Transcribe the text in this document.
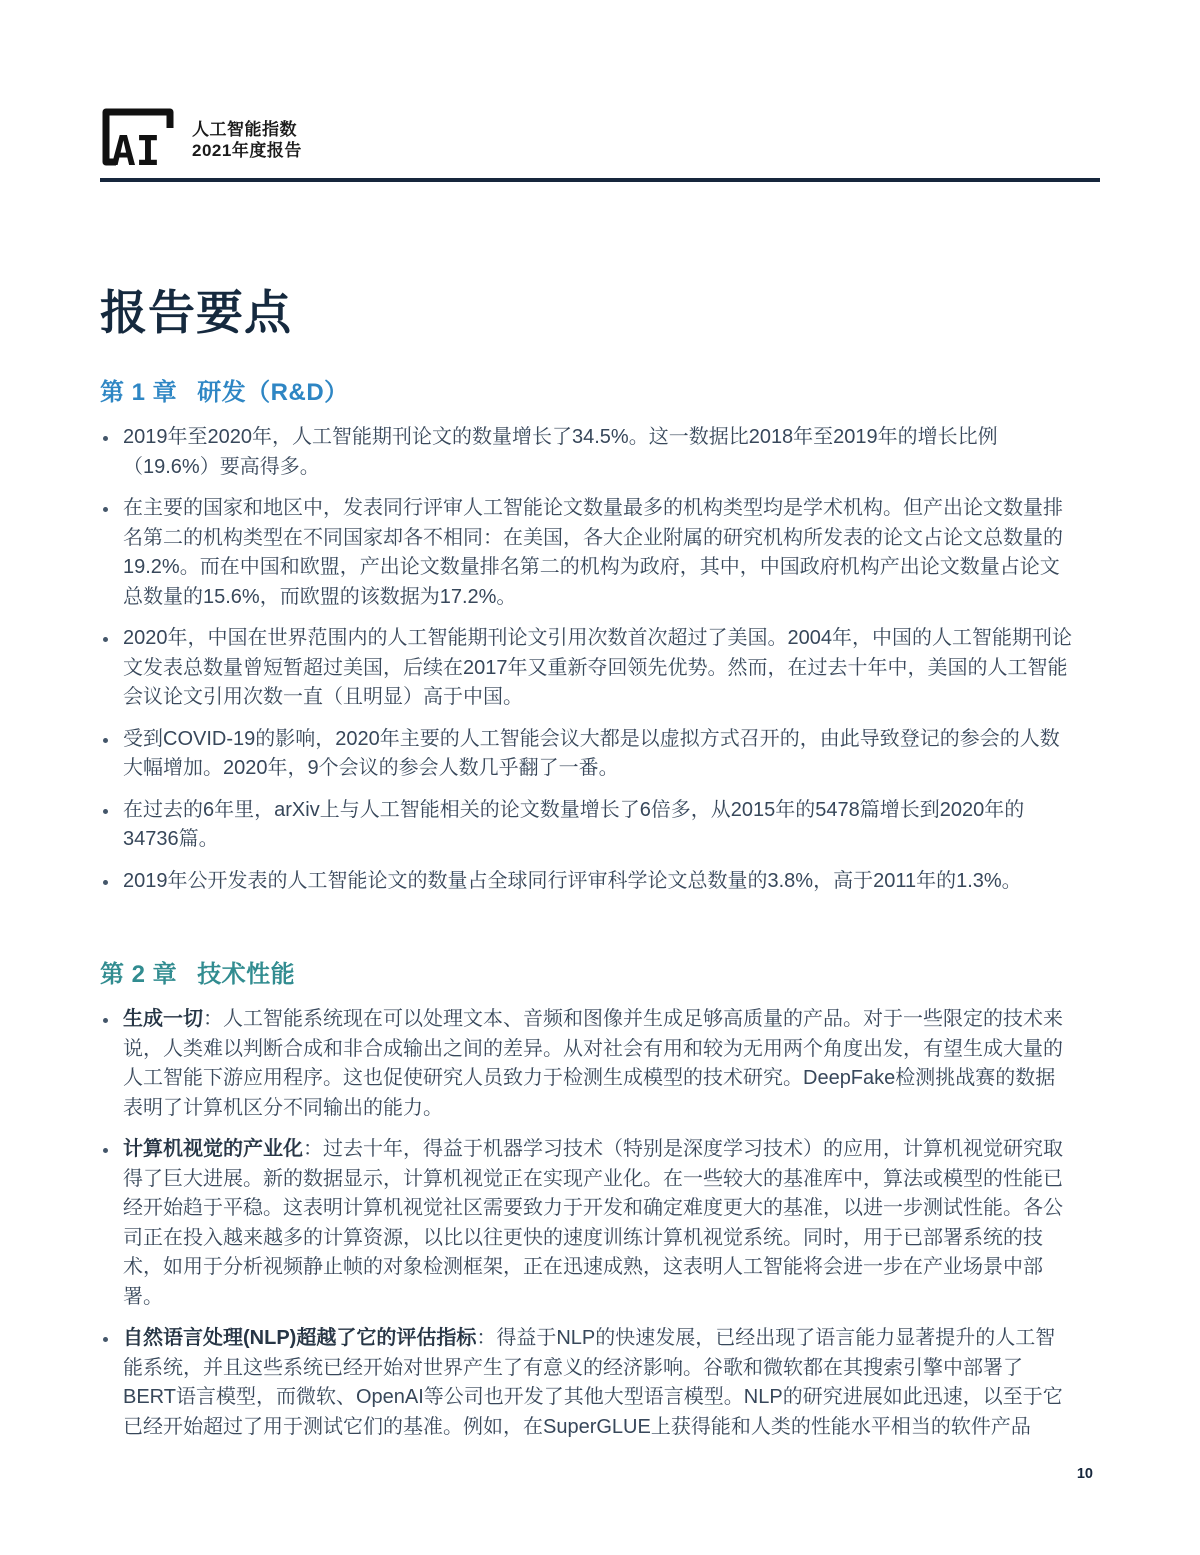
AI 人工智能指数
2021年度报告
报告要点
第 1 章 研发（R&D）
2019年至2020年，人工智能期刊论文的数量增长了34.5%。这一数据比2018年至2019年的增长比例（19.6%）要高得多。
在主要的国家和地区中，发表同行评审人工智能论文数量最多的机构类型均是学术机构。但产出论文数量排名第二的机构类型在不同国家却各不相同：在美国，各大企业附属的研究机构所发表的论文占论文总数量的19.2%。而在中国和欧盟，产出论文数量排名第二的机构为政府，其中，中国政府机构产出论文数量占论文总数量的15.6%，而欧盟的该数据为17.2%。
2020年，中国在世界范围内的人工智能期刊论文引用次数首次超过了美国。2004年，中国的人工智能期刊论文发表总数量曾短暂超过美国，后续在2017年又重新夺回领先优势。然而，在过去十年中，美国的人工智能会议论文引用次数一直（且明显）高于中国。
受到COVID-19的影响，2020年主要的人工智能会议大都是以虚拟方式召开的，由此导致登记的参会的人数大幅增加。2020年，9个会议的参会人数几乎翻了一番。
在过去的6年里，arXiv上与人工智能相关的论文数量增长了6倍多，从2015年的5478篇增长到2020年的34736篇。
2019年公开发表的人工智能论文的数量占全球同行评审科学论文总数量的3.8%，高于2011年的1.3%。
第 2 章 技术性能
生成一切：人工智能系统现在可以处理文本、音频和图像并生成足够高质量的产品。对于一些限定的技术来说，人类难以判断合成和非合成输出之间的差异。从对社会有用和较为无用两个角度出发，有望生成大量的人工智能下游应用程序。这也促使研究人员致力于检测生成模型的技术研究。DeepFake检测挑战赛的数据表明了计算机区分不同输出的能力。
计算机视觉的产业化：过去十年，得益于机器学习技术（特别是深度学习技术）的应用，计算机视觉研究取得了巨大进展。新的数据显示，计算机视觉正在实现产业化。在一些较大的基准库中，算法或模型的性能已经开始趋于平稳。这表明计算机视觉社区需要致力于开发和确定难度更大的基准，以进一步测试性能。各公司正在投入越来越多的计算资源，以比以往更快的速度训练计算机视觉系统。同时，用于已部署系统的技术，如用于分析视频静止帧的对象检测框架，正在迅速成熟，这表明人工智能将会进一步在产业场景中部署。
自然语言处理(NLP)超越了它的评估指标：得益于NLP的快速发展，已经出现了语言能力显著提升的人工智能系统，并且这些系统已经开始对世界产生了有意义的经济影响。谷歌和微软都在其搜索引擎中部署了BERT语言模型，而微软、OpenAI等公司也开发了其他大型语言模型。NLP的研究进展如此迅速，以至于它已经开始超过了用于测试它们的基准。例如，在SuperGLUE上获得能和人类的性能水平相当的软件产品
10
